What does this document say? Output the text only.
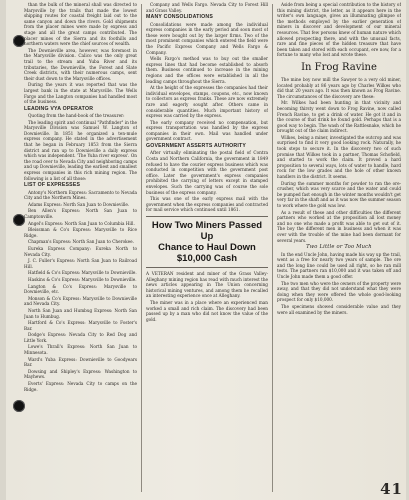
than the bulk of the mineral shall was directed to Marysville by the trails that made the lowest shipping routes for coastal freight laid out to the same canyon and down the rivers. Gold shipments from the placer mines were made by express and stage and all the great camps contributed. The placer mines of the Sierra and its foothills and northern waters were the chief sources of wealth.

The Downieville area, however, was foremost in the Marysville division. Calico was the only great trail to the stream and Yuba River and its tributaries, the Downieville, the Forest and Slate Creek districts, with their numerous camps, sent their dust down to the Marysville offices.

During the years it was reported that was the largest bank in the state at Marysville. The Wells Fargo and the Langton companies had handled most of the business.

LEADING VYA OPERATOR

Quoting from the hand-book of the treasurer:

The leading spirit and continual "Pathfinder" in the Marysville Division was Samuel W. Langton of Downieville. In 1851 he organized a ten-mule express company. He stated in the advertisement that he began in February 1853 from the Sierra district and ran up to Downieville a daily express which was independent. 'The Yuba river express'. On the road over to Nevada City and neighboring camps and up Downieville, leading the earliest and smallest express companies in this rich mining region. The following is a list of all those:

LIST OF EXPRESSES

Antony's Northern Express: Sacramento to Nevada City and the Northern Mines.

Adams Express: North San Juan to Downieville.

Ben Allen's Express: North San Juan to Camptonville.

Angel's Express: North San Juan to Columbia Hill.

Bleissman & Co's Express: Marysville to Rice Ridge.

Chapman's Express: North San Juan to Cherokee.

Eureka Express Company: Eureka North to Nevada City.

J. C. Fuller's Express: North San Juan to Railroad Hill.

Hatfield & Co's Express: Marysville to Downieville.

Haskins & Co's Express: Marysville to Downieville.

Langton & Co's Express: Marysville to Downieville, etc.

Monson & Co's Express: Marysville to Downieville and Nevada City.

North San Juan and Humbug Express: North San Juan to Humbug.

Hartford & Co's Express: Marysville to Foster's Bar.

Dodge's Express: Nevada City to Red Dog and Little York.

Lowe's Thrall's Express: North San Juan to Minnesota.

Ward's Yuba Express: Downieville to Goodyears Bar.

Dowsing and Shipley's Express: Washington to Mayhews.

Everts' Express: Nevada City to camps on the Ridge.

Company and Wells Fargo. Nevada City to Forest Hill and Grass Valley.

MANY CONSOLIDATIONS

Consolidations were made among the individual express companies in the early period and soon most of these were bought out by the larger firms. Two of the most prominent companies which entered the field were the Pacific Express Company and Wells Fargo & Company.

Wells Fargo's method was to buy out the smaller express lines that had become established to absorb them. Business continued to increase in the mining regions and the offices were established in all the leading camps throughout the Sierra.

At the height of the expresses the companies had their individual envelopes, stamps, coupons, etc., now known to collectors as express franks. These are now extremely rare and eagerly sought after. Others came in considerable quantities. Much important history of express was carried by the express.

The early company received no compensation, but express transportation was handled by the express companies in their own. Mail was handled under government contract.

GOVERNMENT ASSERTS AUTHORITY

After virtually eliminating the postal field of Contra Costa and Northern California, the government in 1849 refused to have the courier express business which was conducted in competition with the government post office. Later the government's express companies prohibited the carrying of letters except in stamped envelopes. Such the carrying was of course the sole business of the express company.

This was one of the early express mail with the government when the express companies and contracted for mail service which continued until 1861.

How Two Miners Passed Up
Chance to Haul Down
$10,000 Cash

A VETERAN resident and miner of the Grass Valley-Alleghany mining region has read with much interest the news articles appearing in The Union concerning historical mining ventures, and among them he recalled an interesting experience once at Alleghany.

The miner was in a place where an experienced man worked a small and rich claim. The discovery had been passed up by a man who did not know the value of the gold.

Aside from being a special contribution to the history of this mining district, the letter, as it appears here in the writer's own language, gives an illuminating glimpse of the methods employed by the earlier generation of miners in discover and development of our mineral resources. That few persons knew of human nature which allowed prospecting there, and with the unusual facts, rare and fine pieces of the hidden treasure that have been taken and stored with each occupant, ere now, for a fortune to many who lost and wrote these.

In Frog Ravine

The mine boy now mill the Sawyer to a very old miner, located probably at 86 years ago by Charles Wilkes who did that 20 years ago. It was then known as Frog Ravine. The circumstances of the discovery are these:

Mr. Wilkes had been hunting in that vicinity and becoming thirsty went down to Frog Ravine, now called French Ravine, to get a drink of water. He got it and in the course of that drink he found gold. Perhaps that is a good way to begin. The wash of the Rattlesnake, which he brought out of the claim indirect.

Wilkes, being a miner, investigated the outcrop and was surprised to find it very good looking rock. Naturally, he took steps to secure it. In the discovery two of such promise that Wilkes took in a partner, Thomas Schofield, and started to work the claim. It proved a hard proposition to several ways, lots of water to handle, hard rock for the low grades and the hole of other known handlers in the district. It seems.

During the summer months for powder to ran the ore-crusher, which was very scarce and the water and could be pumped fast enough in the winter months wouldn't get very far in the shaft and as it was now the summer season to work where the gold was low.

As a result of these and other difficulties the different partners who worked at the proposition all lost money and no one who made a profit was able to get out of it. The boy the different men in business and when it was over with the trouble of the mine had been dormant for several years.

Two Little or Too Much

In the end Uncle John, having made his way up the trail, went as a free for nearly two years of sample. The ore and the long line could be used all right, so he ran mill tests. The partners ran $10,000 and it was taken off and Uncle John made them a good offer.

The two men who were the owners of the property were away, and that they did not understand what they were doing when they were offered the whole good-looking prospect for only $10,000.

The specimens showed considerable value and they were all examined by the miners.

41
